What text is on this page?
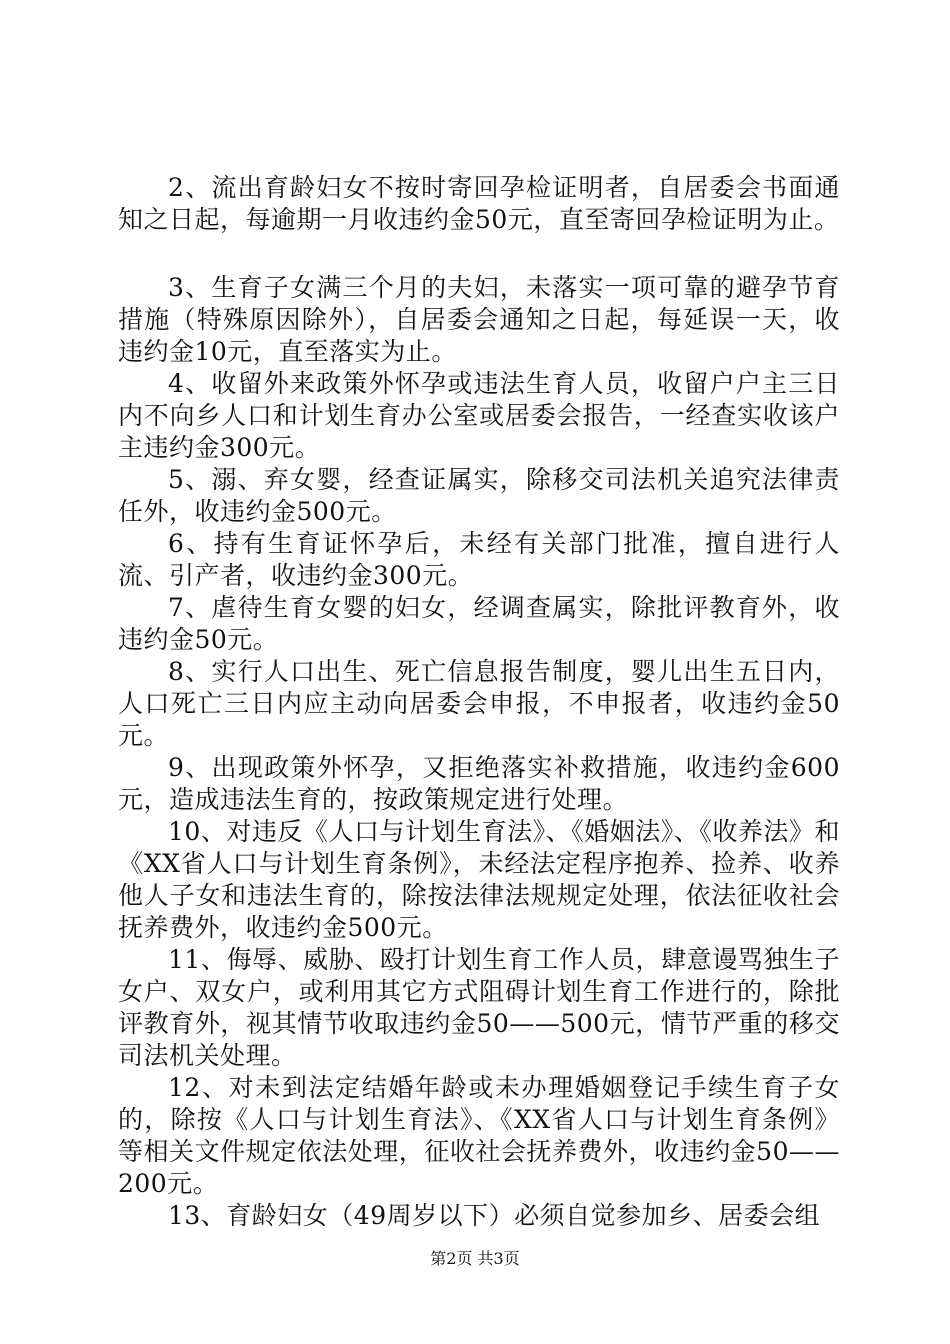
2、流出育龄妇女不按时寄回孕检证明者，自居委会书面通知之日起，每逾期一月收违约金50元，直至寄回孕检证明为止。

3、生育子女满三个月的夫妇，未落实一项可靠的避孕节育措施（特殊原因除外），自居委会通知之日起，每延误一天，收违约金10元，直至落实为止。

4、收留外来政策外怀孕或违法生育人员，收留户户主三日内不向乡人口和计划生育办公室或居委会报告，一经查实收该户主违约金300元。

5、溺、弃女婴，经查证属实，除移交司法机关追究法律责任外，收违约金500元。

6、持有生育证怀孕后，未经有关部门批准，擅自进行人流、引产者，收违约金300元。

7、虐待生育女婴的妇女，经调查属实，除批评教育外，收违约金50元。

8、实行人口出生、死亡信息报告制度，婴儿出生五日内，人口死亡三日内应主动向居委会申报，不申报者，收违约金50元。

9、出现政策外怀孕，又拒绝落实补救措施，收违约金600元，造成违法生育的，按政策规定进行处理。

10、对违反《人口与计划生育法》、《婚姻法》、《收养法》和《XX省人口与计划生育条例》，未经法定程序抱养、捡养、收养他人子女和违法生育的，除按法律法规规定处理，依法征收社会抚养费外，收违约金500元。

11、侮辱、威胁、殴打计划生育工作人员，肆意谩骂独生子女户、双女户，或利用其它方式阻碍计划生育工作进行的，除批评教育外，视其情节收取违约金50——500元，情节严重的移交司法机关处理。

12、对未到法定结婚年龄或未办理婚姻登记手续生育子女的，除按《人口与计划生育法》、《XX省人口与计划生育条例》等相关文件规定依法处理，征收社会抚养费外，收违约金50——200元。

13、育龄妇女（49周岁以下）必须自觉参加乡、居委会组

第2页 共3页
